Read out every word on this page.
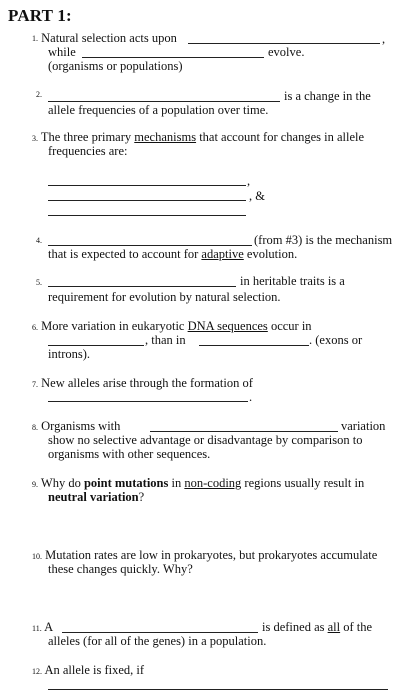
PART 1:
1. Natural selection acts upon	,
while	evolve.
(organisms or populations)
2.	is a change in the
allele frequencies of a population over time.
3. The three primary mechanisms that account for changes in allele
frequencies are:
,
, &
4.	(from #3) is the mechanism
that is expected to account for adaptive evolution.
5.	in heritable traits is a
requirement for evolution by natural selection.
6. More variation in eukaryotic DNA sequences occur in
, than in	. (exons or
introns).
7. New alleles arise through the formation of
.
8. Organisms with	variation
show no selective advantage or disadvantage by comparison to
organisms with other sequences.
9. Why do point mutations in non-coding regions usually result in
neutral variation?
10. Mutation rates are low in prokaryotes, but prokaryotes accumulate
these changes quickly. Why?
11. A	is defined as all of the
alleles (for all of the genes) in a population.
12. An allele is fixed, if
